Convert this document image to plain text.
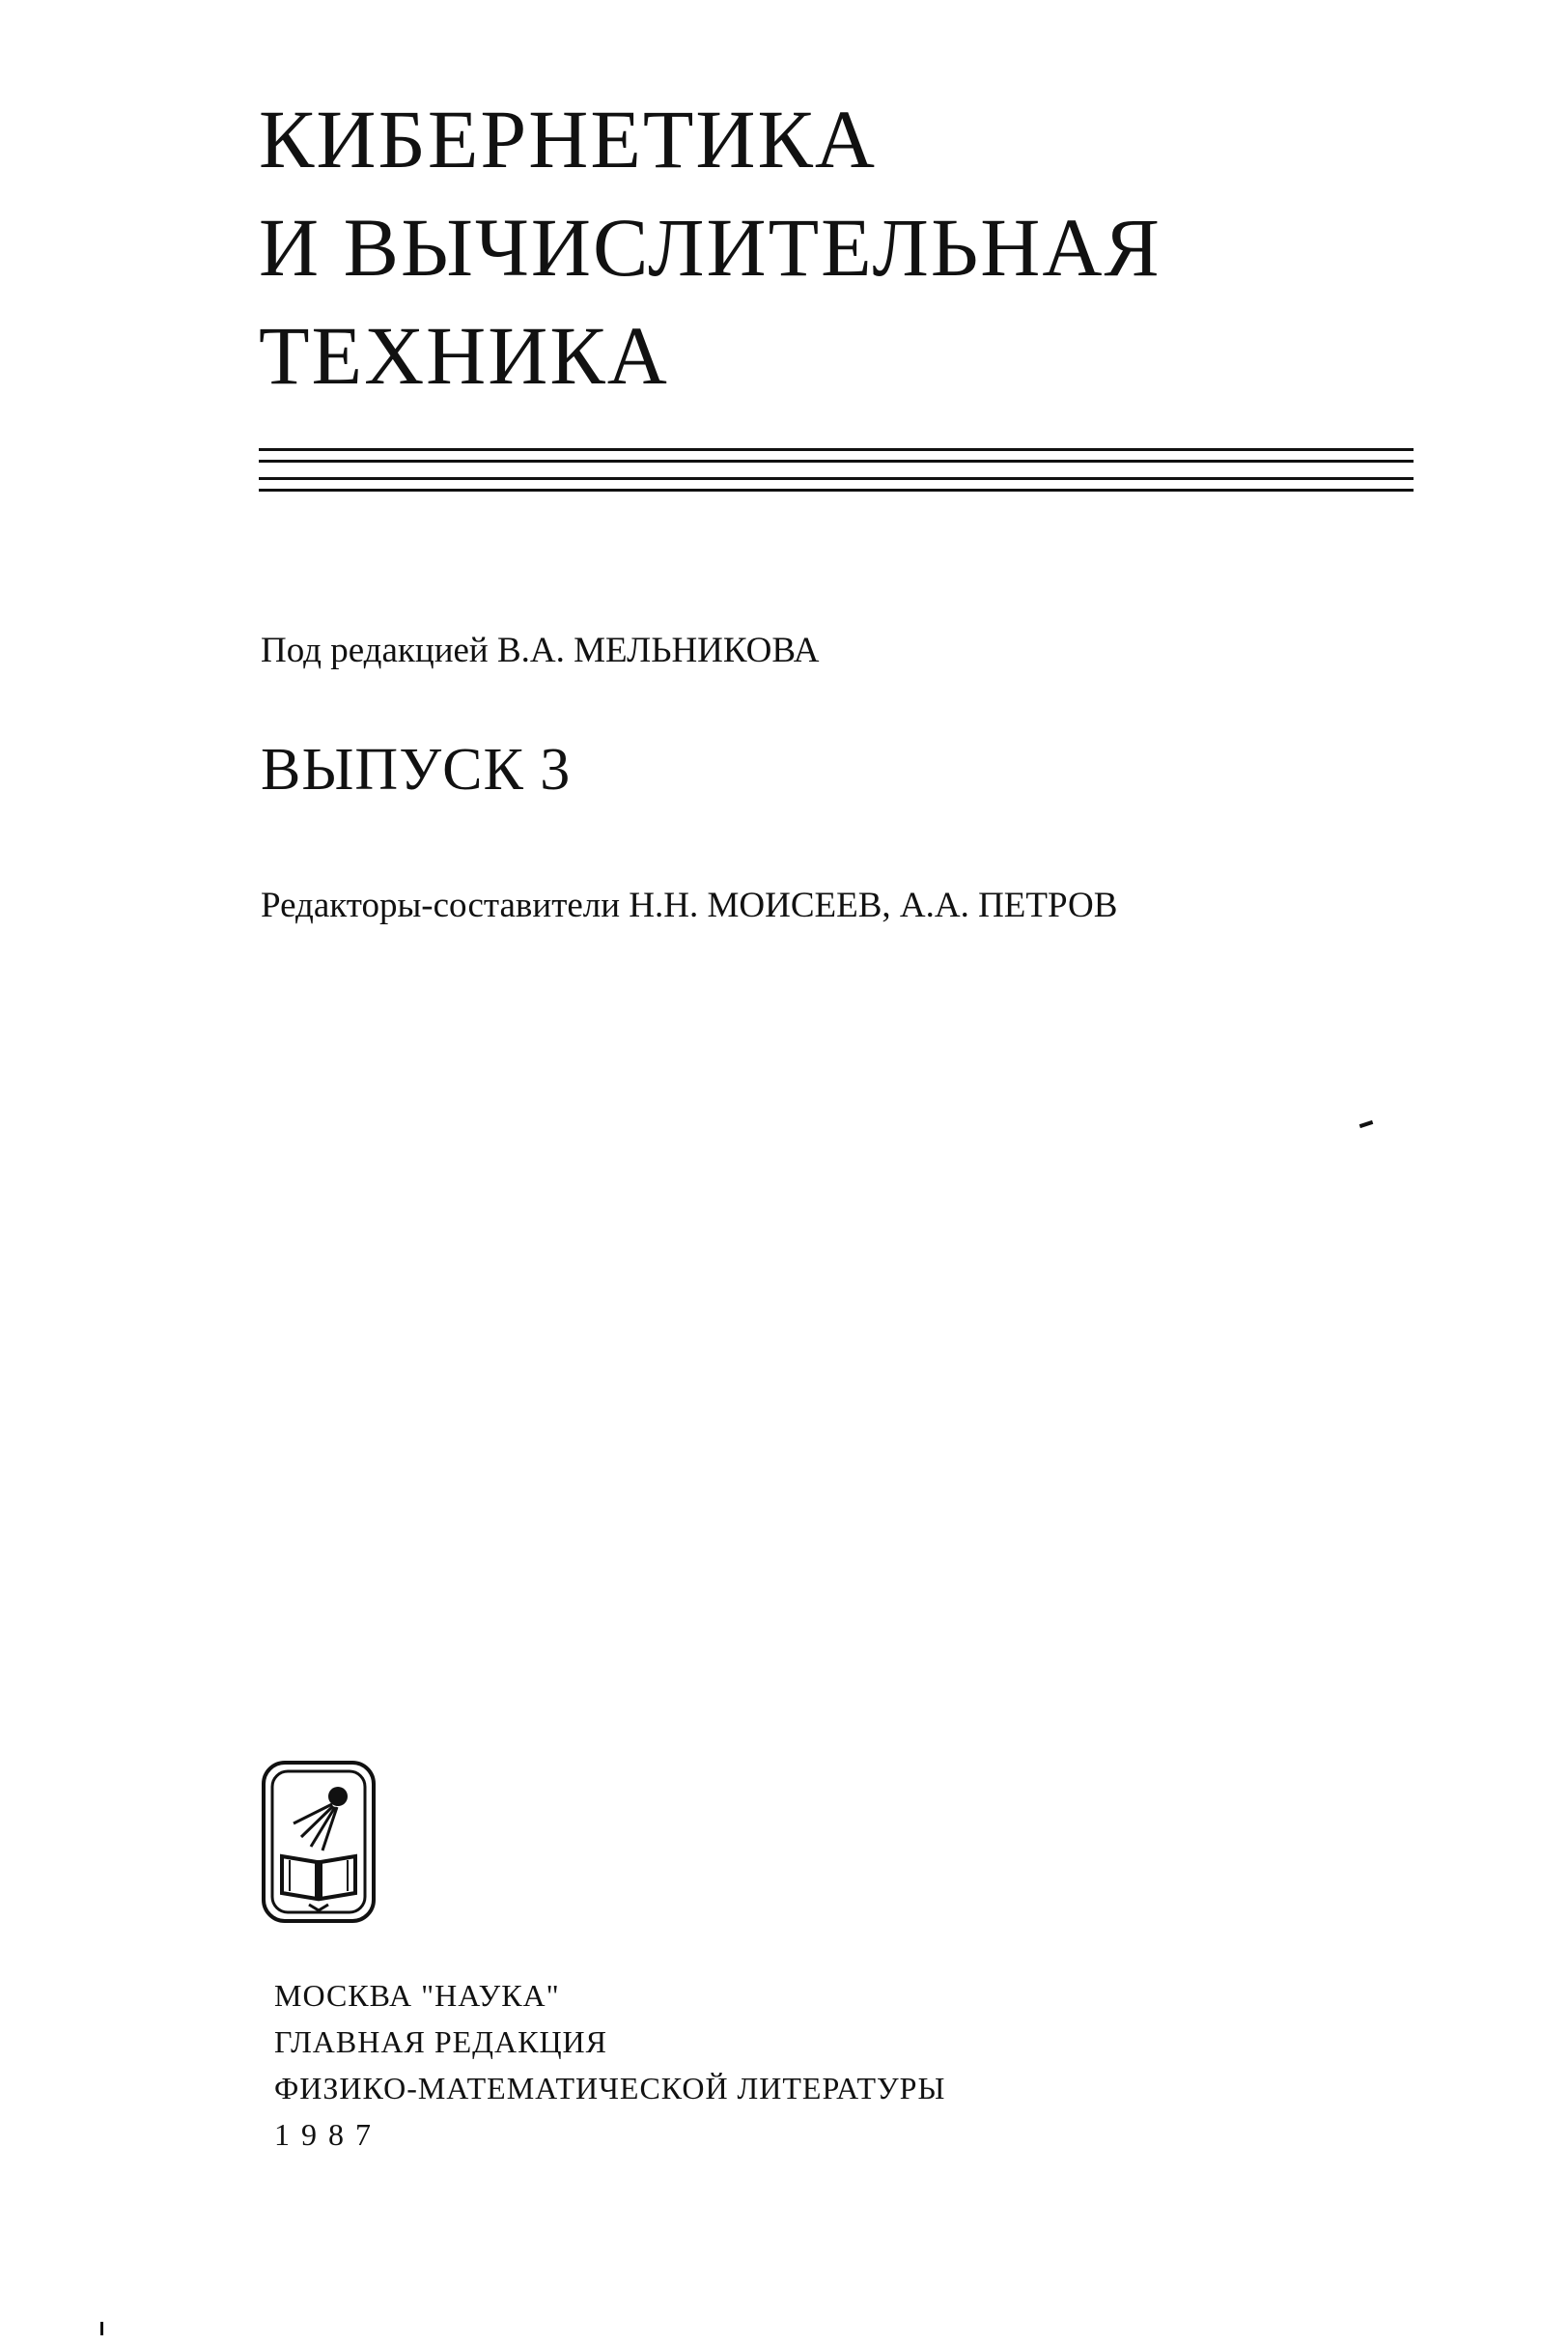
КИБЕРНЕТИКА
И ВЫЧИСЛИТЕЛЬНАЯ
ТЕХНИКА

Под редакцией В.А. МЕЛЬНИКОВА

ВЫПУСК 3

Редакторы-составители Н.Н. МОИСЕЕВ, А.А. ПЕТРОВ

МОСКВА "НАУКА"
ГЛАВНАЯ РЕДАКЦИЯ
ФИЗИКО-МАТЕМАТИЧЕСКОЙ ЛИТЕРАТУРЫ
1987
